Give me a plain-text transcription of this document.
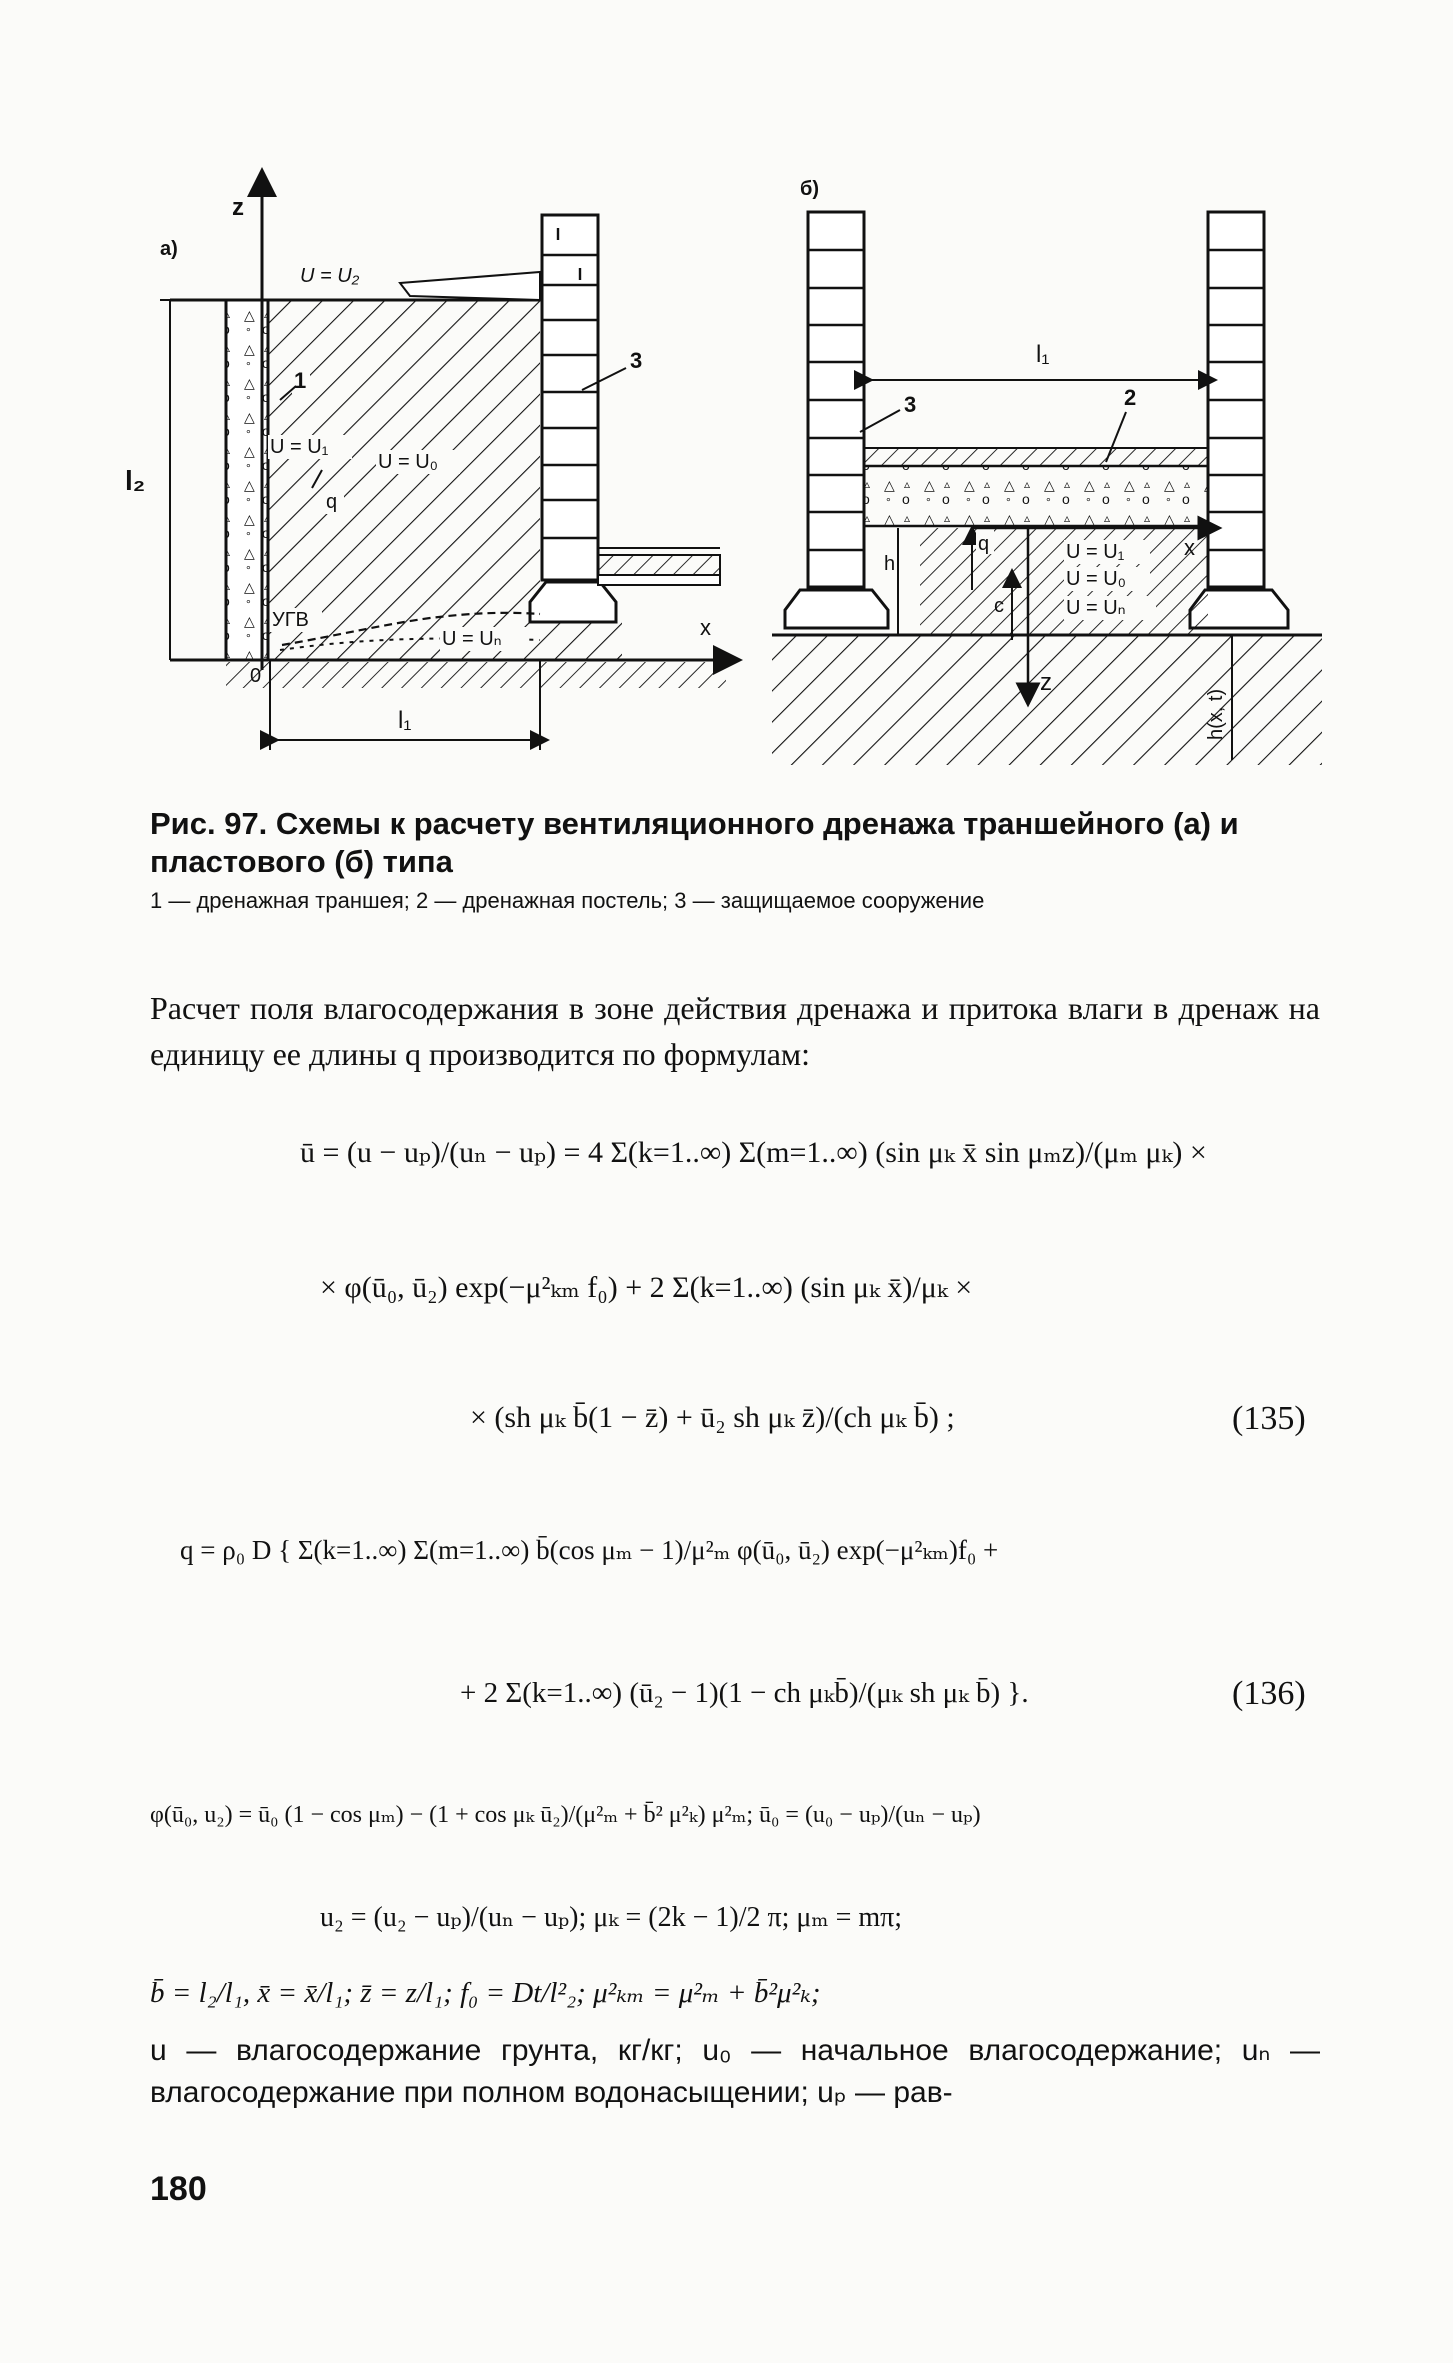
а)
z
x
l₂
l₁
U = U₂
U = U₁
U = U₀
U = Uₙ
q
УГВ
1
3
б)
l₁
2
3
x
z
q
c
h
U = U₁
U = U₀
U = Uₙ
h(x, t)
Рис. 97. Схемы к расчету вентиляционного дренажа траншейного (а) и пластового (б) типа
1 — дренажная траншея; 2 — дренажная постель; 3 — защищаемое сооружение
Расчет поля влагосодержания в зоне действия дренажа и притока влаги в дренаж на единицу ее длины q производится по формулам:
ū = (u − uₚ)/(uₙ − uₚ) = 4 Σ(k=1..∞) Σ(m=1..∞) (sin μₖ x̄ sin μₘz)/(μₘ μₖ) ×
× φ(ū₀, ū₂) exp(−μ²ₖₘ f₀) + 2 Σ(k=1..∞) (sin μₖ x̄)/μₖ ×
× (sh μₖ b̄(1 − z̄) + ū₂ sh μₖ z̄)/(ch μₖ b̄) ;	(135)
q = ρ₀ D { Σ(k=1..∞) Σ(m=1..∞) b̄(cos μₘ − 1)/μ²ₘ φ(ū₀, ū₂) exp(−μ²ₖₘ)f₀ +
+ 2 Σ(k=1..∞) (ū₂ − 1)(1 − ch μₖb̄)/(μₖ sh μₖ b̄) }.	(136)
φ(ū₀, u₂) = ū₀ (1 − cos μₘ) − (1 + cos μₖ ū₂)/(μ²ₘ + b̄² μ²ₖ) μ²ₘ; ū₀ = (u₀ − uₚ)/(uₙ − uₚ)
u₂ = (u₂ − uₚ)/(uₙ − uₚ); μₖ = (2k − 1)/2 π; μₘ = mπ;
b̄ = l₂/l₁, x̄ = x̄/l₁; z̄ = z/l₁; f₀ = Dt/l²₂; μ²ₖₘ = μ²ₘ + b̄²μ²ₖ;
u — влагосодержание грунта, кг/кг; u₀ — начальное влагосодержание; uₙ — влагосодержание при полном водонасыщении; uₚ — рав-
180
